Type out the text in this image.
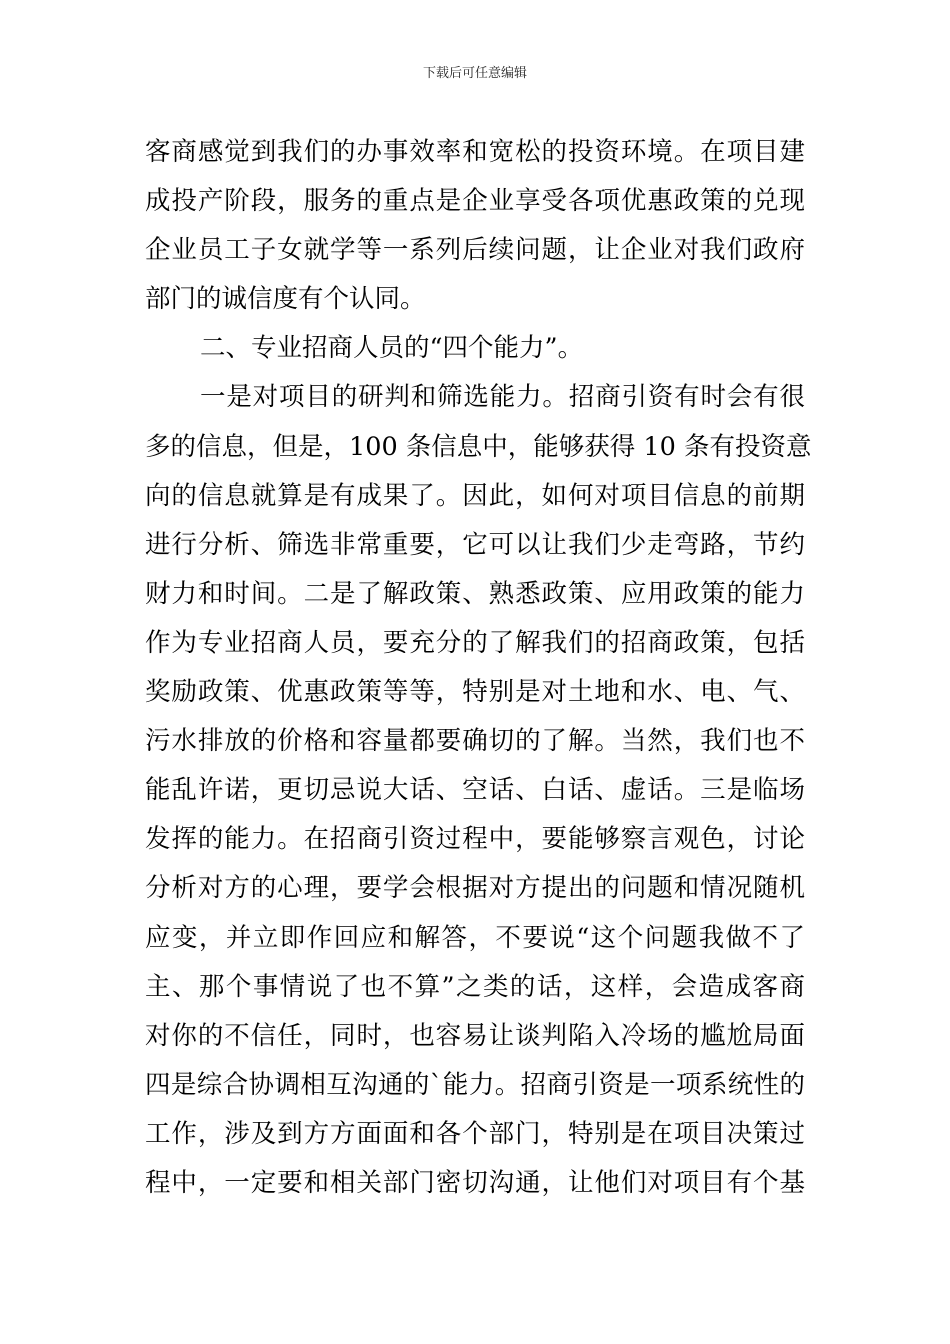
下载后可任意编辑
客商感觉到我们的办事效率和宽松的投资环境。在项目建
成投产阶段，服务的重点是企业享受各项优惠政策的兑现
企业员工子女就学等一系列后续问题，让企业对我们政府
部门的诚信度有个认同。
二、专业招商人员的“四个能力”。
一是对项目的研判和筛选能力。招商引资有时会有很
多的信息，但是，100 条信息中，能够获得 10 条有投资意
向的信息就算是有成果了。因此，如何对项目信息的前期
进行分析、筛选非常重要，它可以让我们少走弯路，节约
财力和时间。二是了解政策、熟悉政策、应用政策的能力
作为专业招商人员，要充分的了解我们的招商政策，包括
奖励政策、优惠政策等等，特别是对土地和水、电、气、
污水排放的价格和容量都要确切的了解。当然，我们也不
能乱许诺，更切忌说大话、空话、白话、虚话。三是临场
发挥的能力。在招商引资过程中，要能够察言观色，讨论
分析对方的心理，要学会根据对方提出的问题和情况随机
应变，并立即作回应和解答，不要说“这个问题我做不了
主、那个事情说了也不算”之类的话，这样，会造成客商
对你的不信任，同时，也容易让谈判陷入冷场的尴尬局面
四是综合协调相互沟通的`能力。招商引资是一项系统性的
工作，涉及到方方面面和各个部门，特别是在项目决策过
程中，一定要和相关部门密切沟通，让他们对项目有个基
